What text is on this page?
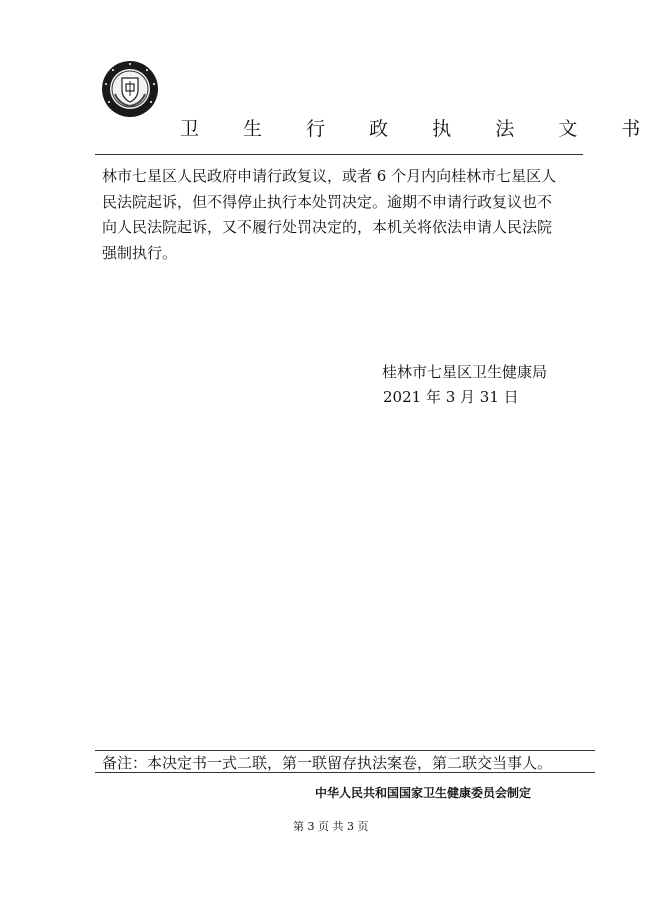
卫 生 行 政 执 法 文 书

林市七星区人民政府申请行政复议，或者 6 个月内向桂林市七星区人
民法院起诉，但不得停止执行本处罚决定。逾期不申请行政复议也不
向人民法院起诉，又不履行处罚决定的，本机关将依法申请人民法院
强制执行。

桂林市七星区卫生健康局
2021 年 3 月 31 日
备注：本决定书一式二联，第一联留存执法案卷，第二联交当事人。
中华人民共和国国家卫生健康委员会制定
第 3 页 共 3 页
